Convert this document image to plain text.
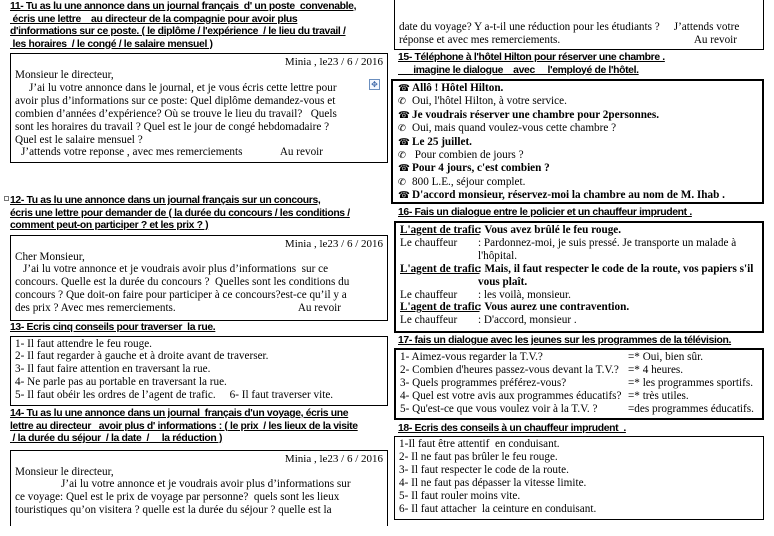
11- Tu as lu une annonce dans un journal français  d' un poste  convenable,
écris une lettre    au directeur de la compagnie pour avoir plus
d'informations sur ce poste. ( le diplôme / l'expérience  / le lieu du travail /
les horaires  / le congé / le salaire mensuel )
Minia , le23 / 6 / 2016
Monsieur le directeur,
J’ai lu votre annonce dans le journal, et je vous écris cette lettre pour
avoir plus d’informations sur ce poste: Quel diplôme demandez-vous et
combien d’années d’expérience? Où se trouve le lieu du travail?   Quels
sont les horaires du travail ? Quel est le jour de congé hebdomadaire ?
Quel est le salaire mensuel ?
J’attends votre reponse , avec mes remerciements	Au revoir
12- Tu as lu une annonce dans un journal français sur un concours,
écris une lettre pour demander de ( la durée du concours / les conditions /
comment peut-on participer ? et les prix ? )
Minia , le23 / 6 / 2016
Cher Monsieur,
J’ai lu votre annonce et je voudrais avoir plus d’informations  sur ce
concours. Quelle est la durée du concours ?  Quelles sont les conditions du
concours ? Que doit-on faire pour participer à ce concours?est-ce qu’il y a
des prix ? Avec mes remerciements.	Au revoir
13- Ecris cinq conseils pour traverser  la rue.
1- Il faut attendre le feu rouge.
2- Il faut regarder à gauche et à droite avant de traverser.
3- Il faut faire attention en traversant la rue.
4- Ne parle pas au portable en traversant la rue.
5- Il faut obéir les ordres de l’agent de trafic.     6- Il faut traverser vite.
14- Tu as lu une annonce dans un journal  français d'un voyage, écris une
lettre au directeur   avoir plus d' informations : ( le prix  / les lieux de la visite
/ la durée du séjour  / la date  /     la réduction )
Minia , le23 / 6 / 2016
Monsieur le directeur,
J’ai lu votre annonce et je voudrais avoir plus d’informations sur
ce voyage: Quel est le prix de voyage par personne?  quels sont les lieux
touristiques qu’on visitera ? quelle est la durée du séjour ? quelle est la
✥
date du voyage? Y a-t-il une réduction pour les étudiants ?     J’attends votre
réponse et avec mes remerciements.	Au revoir
15- Téléphone à l'hôtel Hilton pour réserver une chambre .
imagine le dialogue    avec     l'employé de l'hôtel.
☎ Allô ! Hôtel Hilton.
✆ Oui, l'hôtel Hilton, à votre service.
☎ Je voudrais réserver une chambre pour 2personnes.
✆ Oui, mais quand voulez-vous cette chambre ?
☎ Le 25 juillet.
✆ Pour combien de jours ?
☎ Pour 4 jours, c'est combien ?
✆ 800 L.E., séjour complet.
☎ D'accord monsieur, réservez-moi la chambre au nom de M. Ihab .
16- Fais un dialogue entre le policier et un chauffeur imprudent .
L'agent de trafic
: Vous avez brûlé le feu rouge.
Le chauffeur : Pardonnez-moi, je suis pressé. Je transporte un malade à l'hôpital.
L'agent de trafic
: Mais, il faut respecter le code de la route, vos papiers s'il vous plaît.
Le chauffeur : les voilà, monsieur.
L'agent de trafic
: Vous aurez une contravention.
Le chauffeur : D'accord, monsieur .
17- fais un dialogue avec les jeunes sur les programmes de la télévision.
1- Aimez-vous regarder la T.V.?	=* Oui, bien sûr.
2- Combien d'heures passez-vous devant la T.V.? =* 4 heures.
3- Quels programmes préférez-vous?	=* les programmes sportifs.
4- Quel est votre avis aux programmes éducatifs? =* très utiles.
5- Qu'est-ce que vous voulez voir à la T.V. ?	=des programmes éducatifs.
18- Ecris des conseils à un chauffeur imprudent  .
1-Il faut être attentif  en conduisant.
2- Il ne faut pas brûler le feu rouge.
3- Il faut respecter le code de la route.
4- Il ne faut pas dépasser la vitesse limite.
5- Il faut rouler moins vite.
6- Il faut attacher  la ceinture en conduisant.
